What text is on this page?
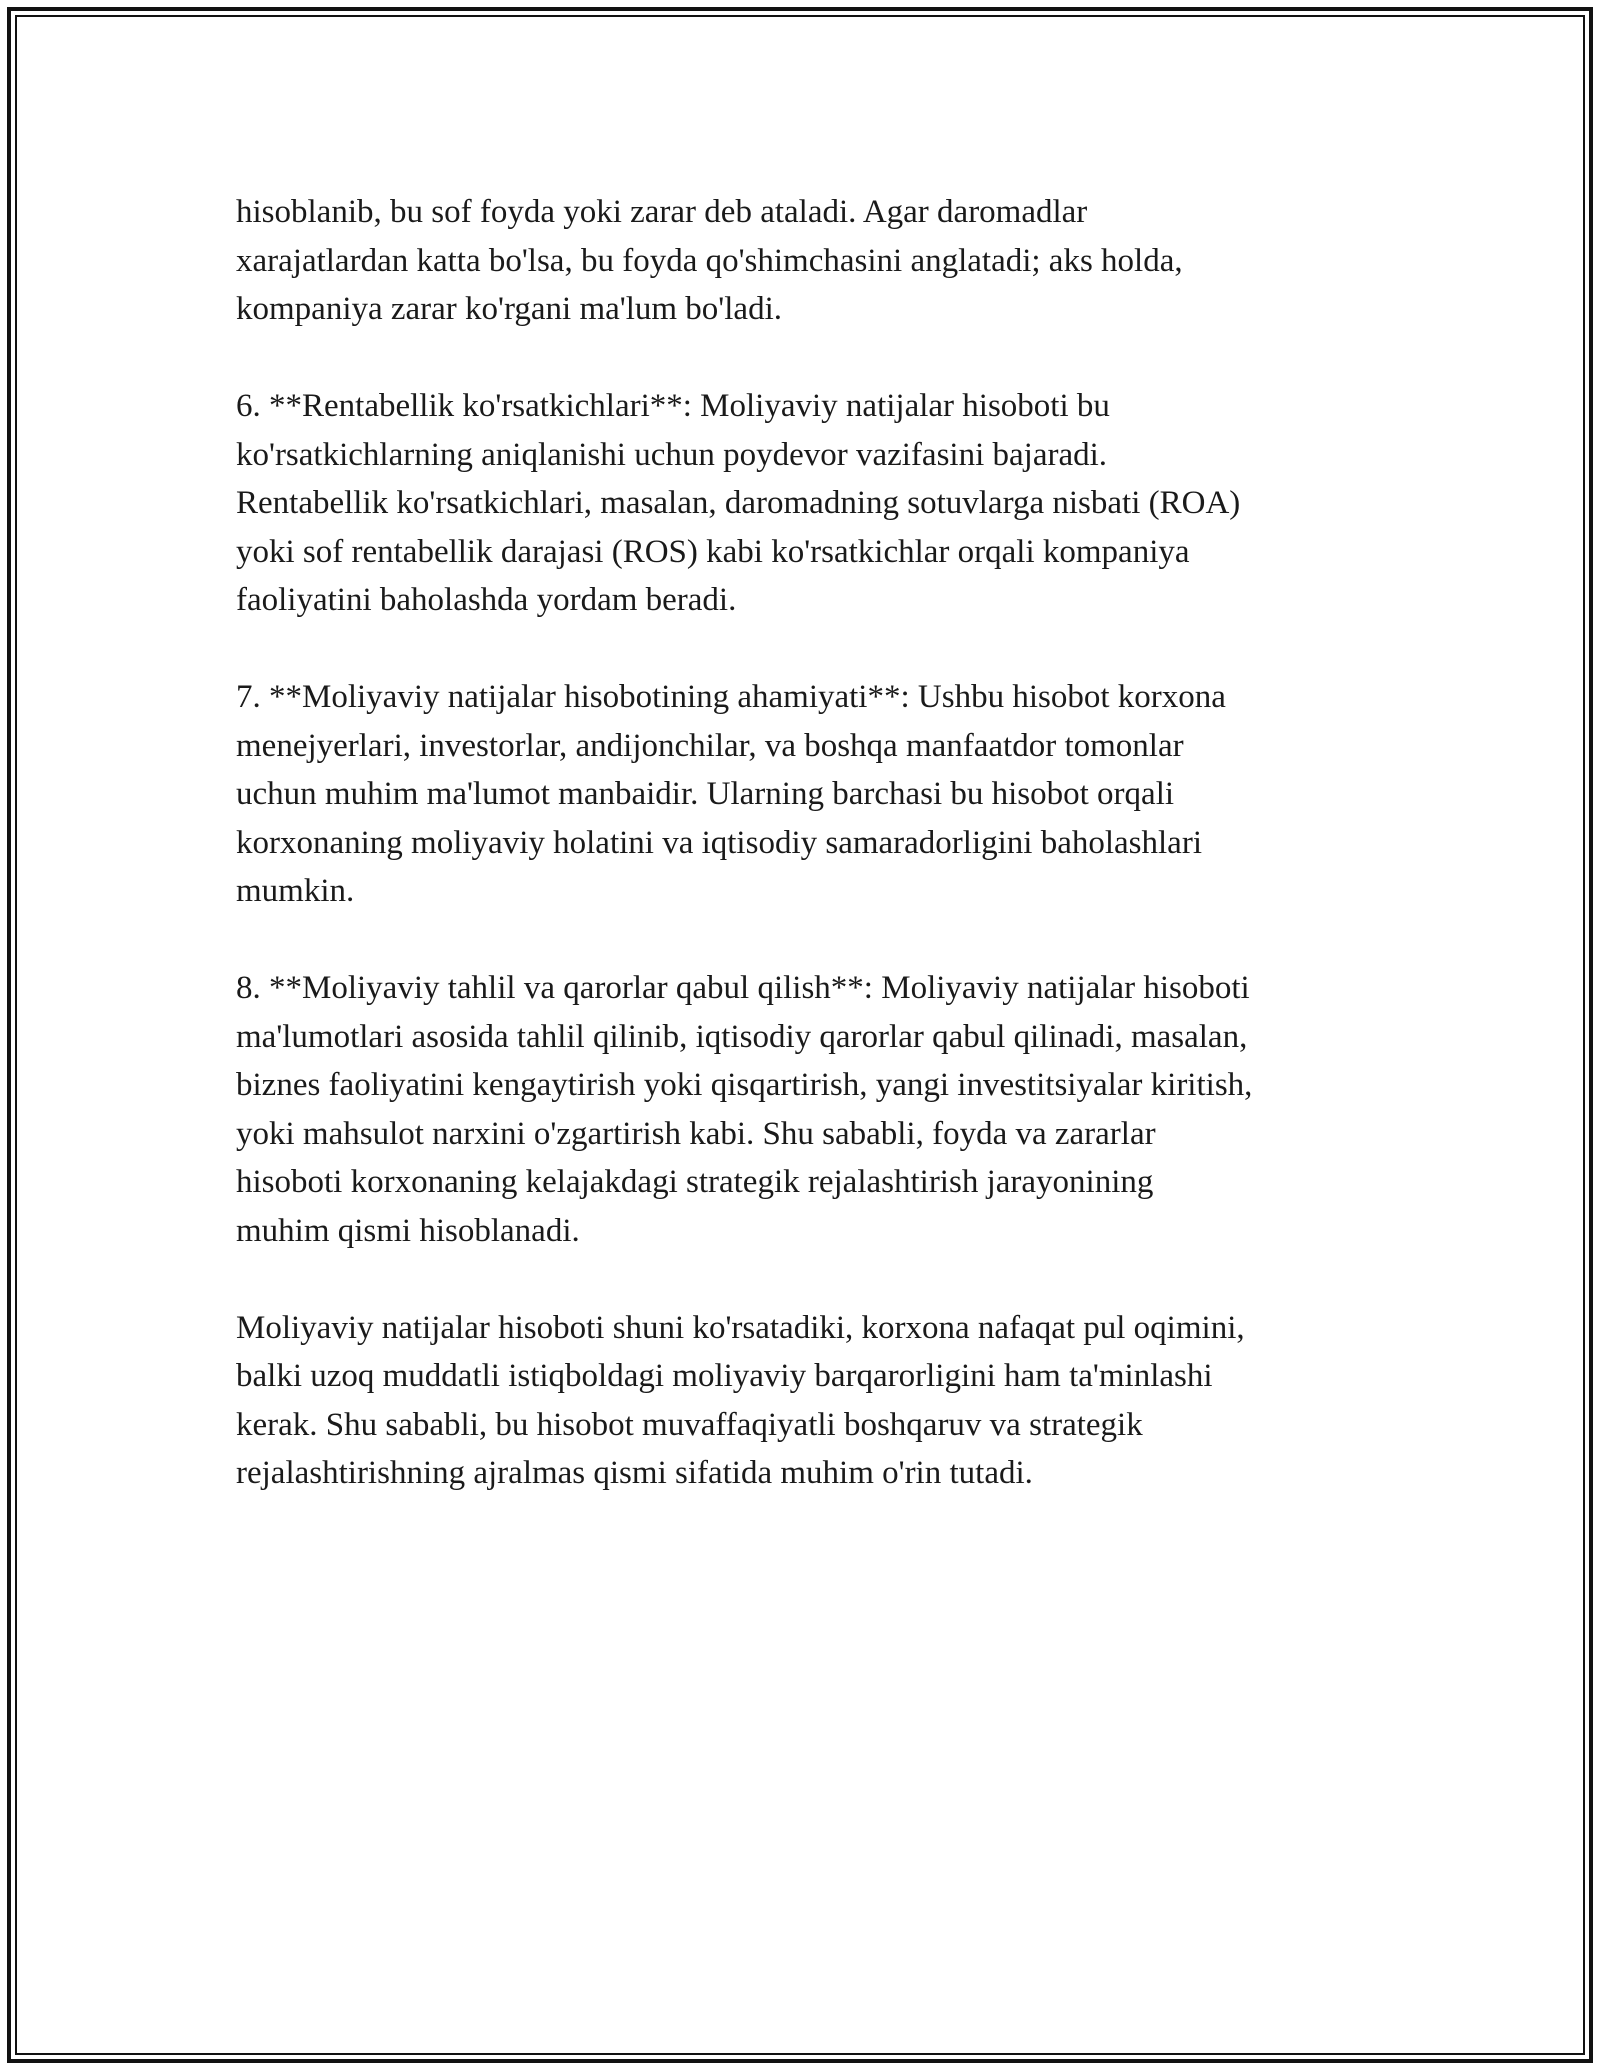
hisoblanib, bu sof foyda yoki zarar deb ataladi. Agar daromadlar
xarajatlardan katta bo'lsa, bu foyda qo'shimchasini anglatadi; aks holda,
kompaniya zarar ko'rgani ma'lum bo'ladi.

6. **Rentabellik ko'rsatkichlari**: Moliyaviy natijalar hisoboti bu
ko'rsatkichlarning aniqlanishi uchun poydevor vazifasini bajaradi.
Rentabellik ko'rsatkichlari, masalan, daromadning sotuvlarga nisbati (ROA)
yoki sof rentabellik darajasi (ROS) kabi ko'rsatkichlar orqali kompaniya
faoliyatini baholashda yordam beradi.

7. **Moliyaviy natijalar hisobotining ahamiyati**: Ushbu hisobot korxona
menejyerlari, investorlar, andijonchilar, va boshqa manfaatdor tomonlar
uchun muhim ma'lumot manbaidir. Ularning barchasi bu hisobot orqali
korxonaning moliyaviy holatini va iqtisodiy samaradorligini baholashlari
mumkin.

8. **Moliyaviy tahlil va qarorlar qabul qilish**: Moliyaviy natijalar hisoboti
ma'lumotlari asosida tahlil qilinib, iqtisodiy qarorlar qabul qilinadi, masalan,
biznes faoliyatini kengaytirish yoki qisqartirish, yangi investitsiyalar kiritish,
yoki mahsulot narxini o'zgartirish kabi. Shu sababli, foyda va zararlar
hisoboti korxonaning kelajakdagi strategik rejalashtirish jarayonining
muhim qismi hisoblanadi.

Moliyaviy natijalar hisoboti shuni ko'rsatadiki, korxona nafaqat pul oqimini,
balki uzoq muddatli istiqboldagi moliyaviy barqarorligini ham ta'minlashi
kerak. Shu sababli, bu hisobot muvaffaqiyatli boshqaruv va strategik
rejalashtirishning ajralmas qismi sifatida muhim o'rin tutadi.
